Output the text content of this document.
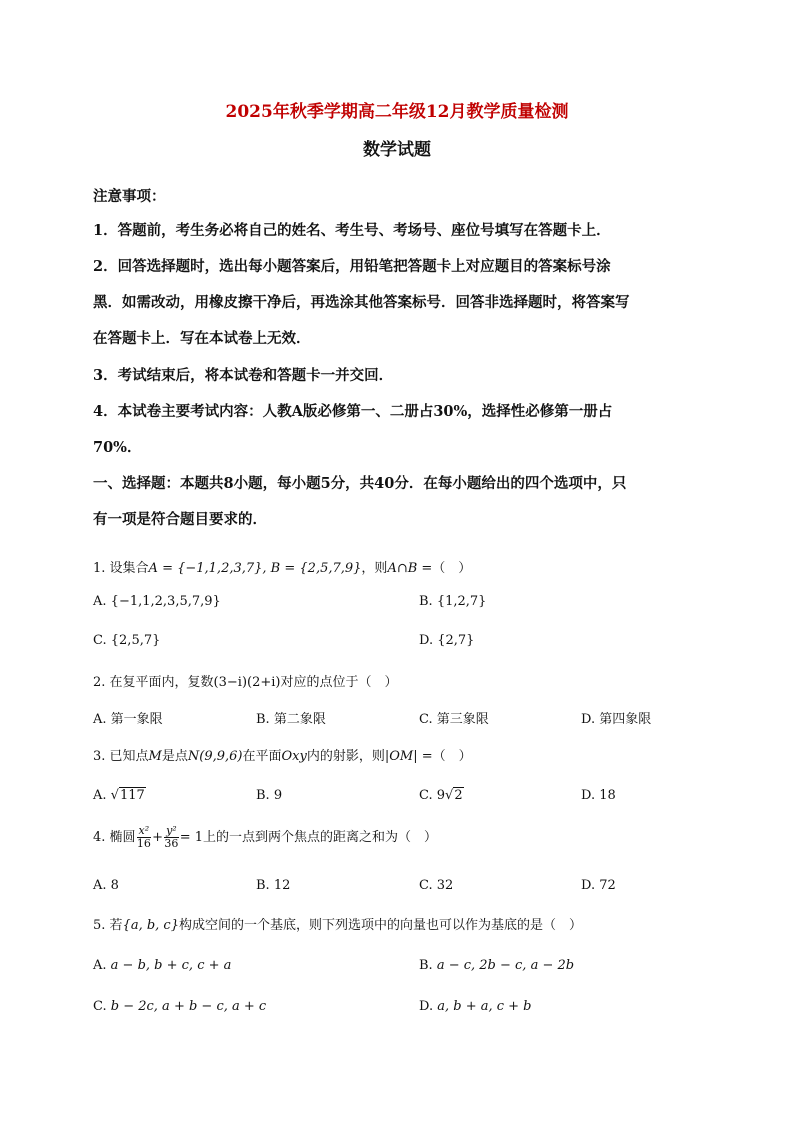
2025年秋季学期高二年级12月教学质量检测
数学试题
注意事项：
1．答题前，考生务必将自己的姓名、考生号、考场号、座位号填写在答题卡上．
2．回答选择题时，选出每小题答案后，用铅笔把答题卡上对应题目的答案标号涂
黑．如需改动，用橡皮擦干净后，再选涂其他答案标号．回答非选择题时，将答案写
在答题卡上．写在本试卷上无效．
3．考试结束后，将本试卷和答题卡一并交回．
4．本试卷主要考试内容：人教A版必修第一、二册占30%，选择性必修第一册占
70%．
一、选择题：本题共8小题，每小题5分，共40分．在每小题给出的四个选项中，只
有一项是符合题目要求的．
1. 设集合A = {−1,1,2,3,7}, B = {2,5,7,9}，则A∩B =（　）
A. {−1,1,2,3,5,7,9}	B. {1,2,7}
C. {2,5,7}	D. {2,7}
2. 在复平面内，复数(3−i)(2+i)对应的点位于（　）
A. 第一象限	B. 第二象限	C. 第三象限	D. 第四象限
3. 已知点M是点N(9,9,6)在平面Oxy内的射影，则|OM| =（　）
A. √117	B. 9	C. 9√2	D. 18
4. 椭圆 $\frac{\text{x²}}{16} + \frac{\text{y²}}{36} = 1$上的一点到两个焦点的距离之和为（　）
A. 8	B. 12	C. 32	D. 72
5. 若{a, b, c}构成空间的一个基底，则下列选项中的向量也可以作为基底的是（　）
A. a − b, b + c, c + a	B. a − c, 2b − c, a − 2b
C. b − 2c, a + b − c, a + c	D. a, b + a, c + b
